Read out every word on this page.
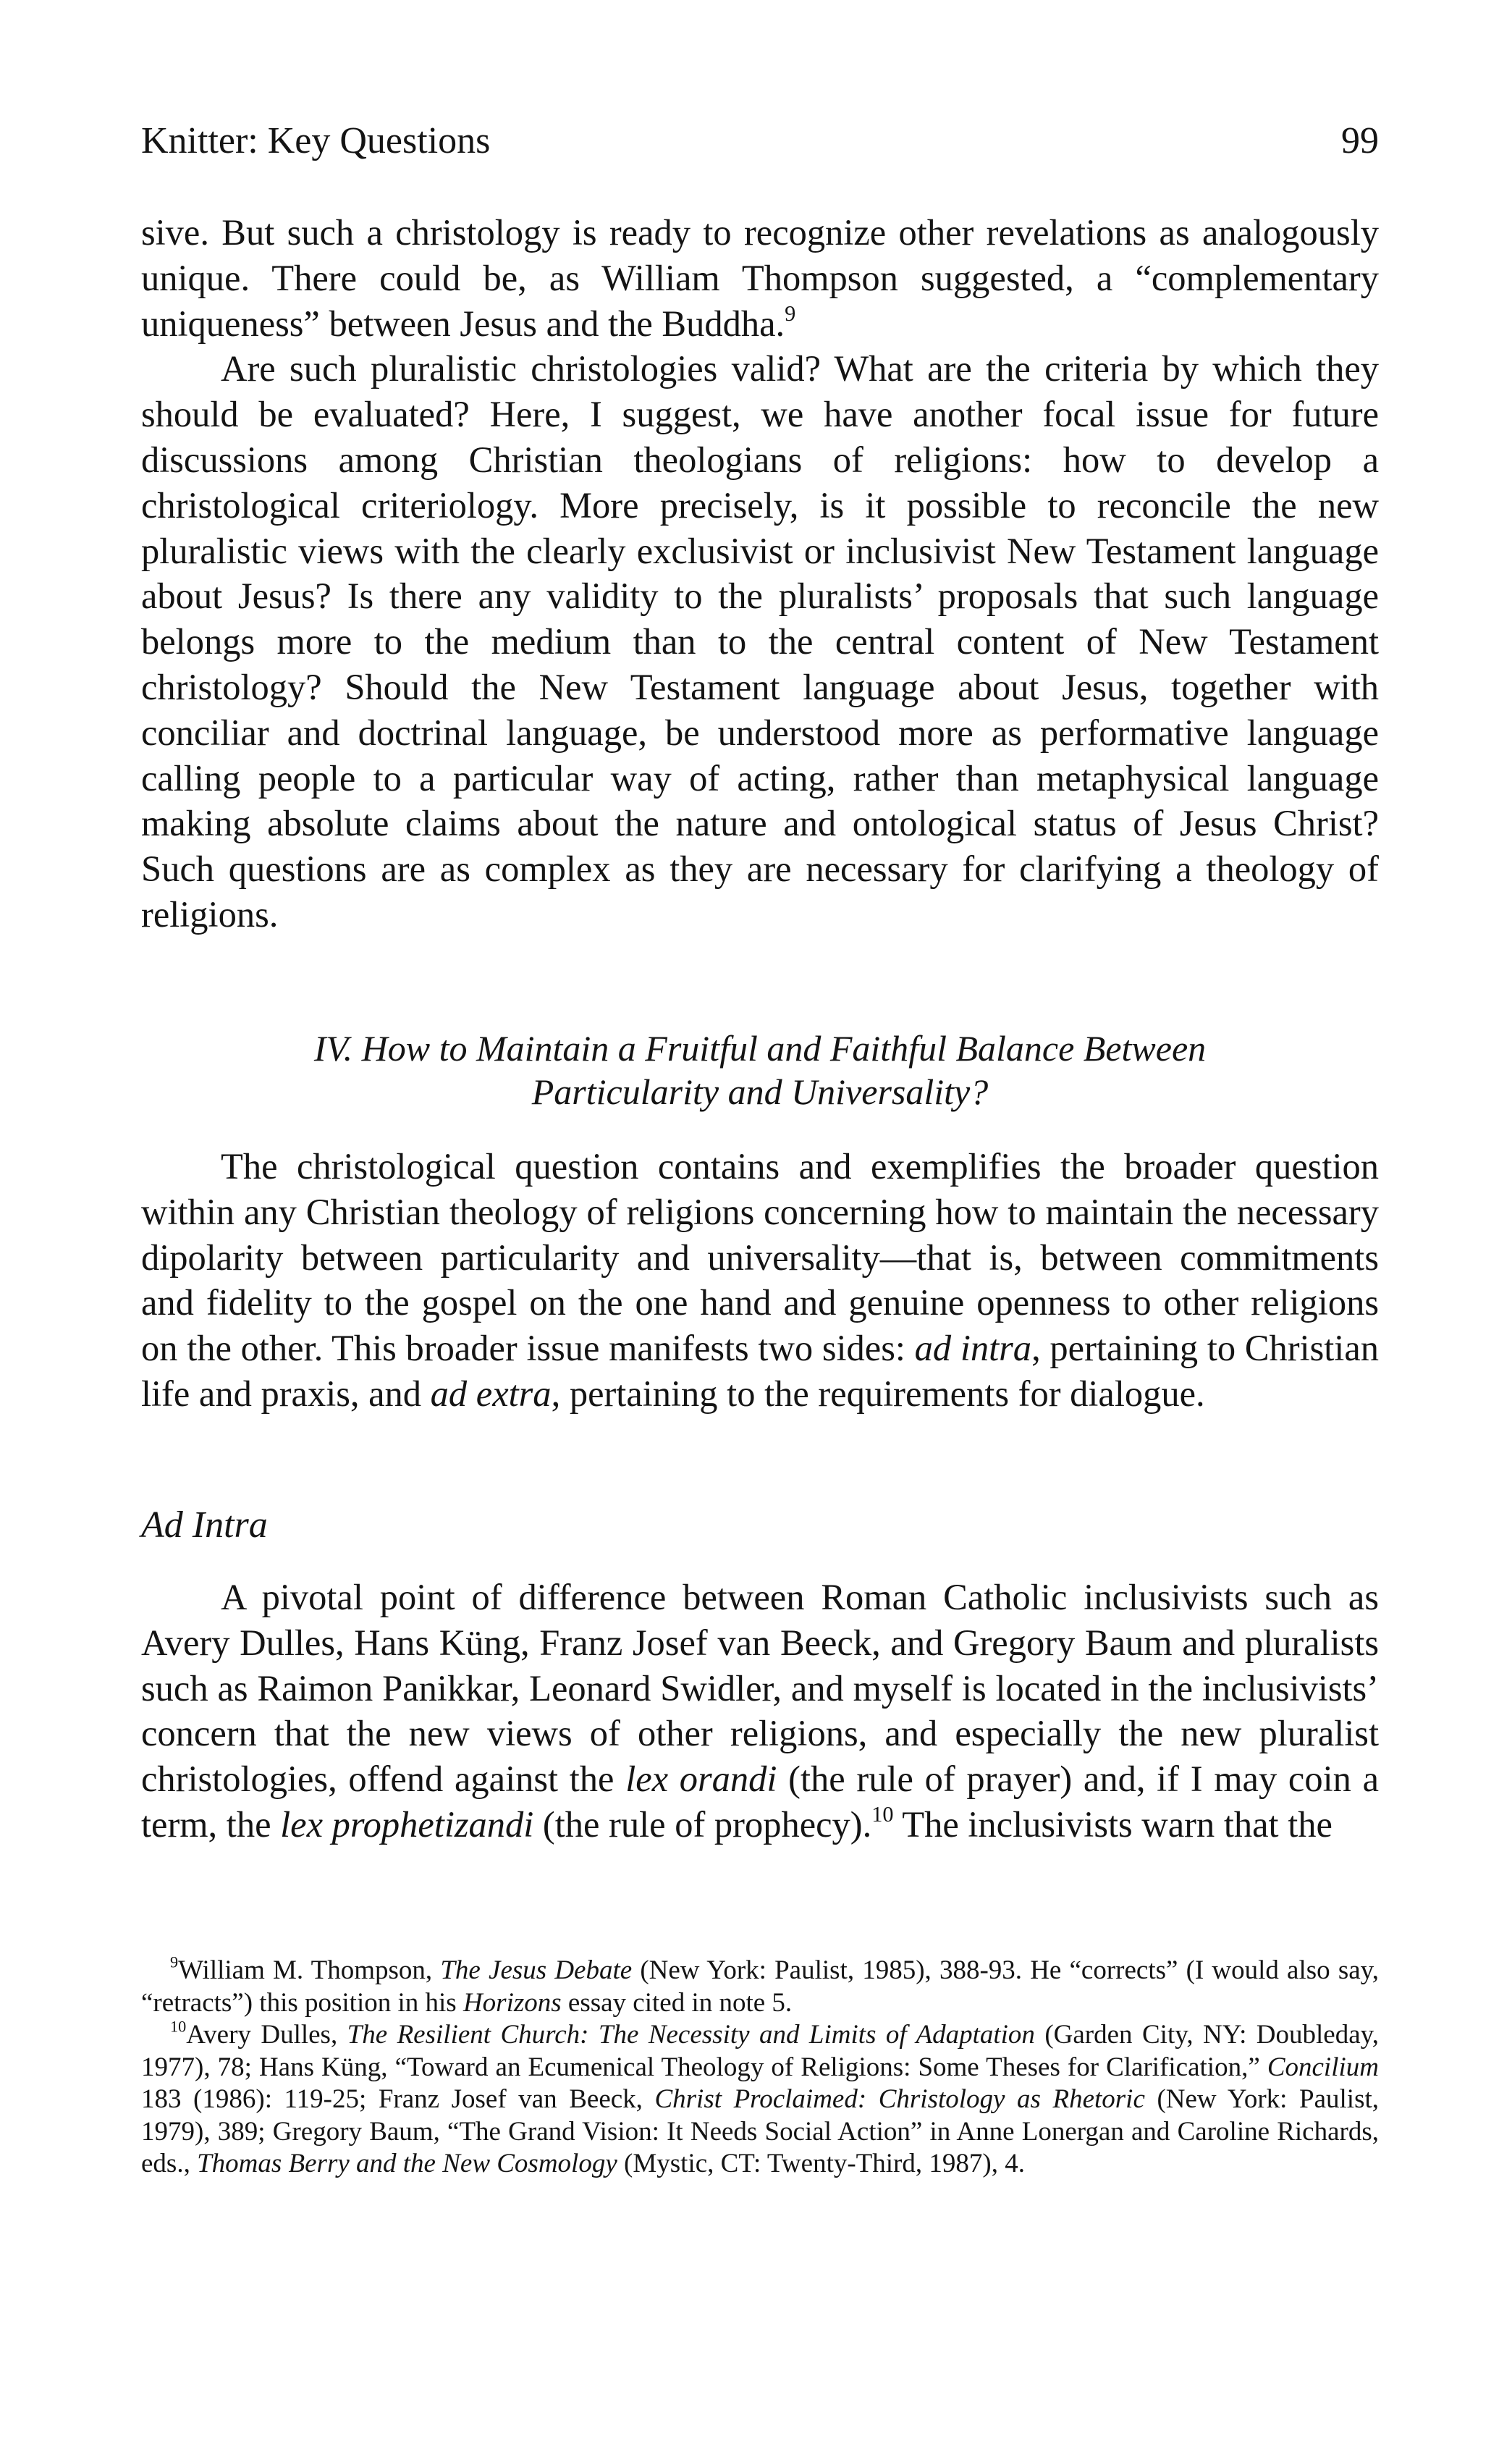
Knitter: Key Questions	99

sive. But such a christology is ready to recognize other revelations as analogously unique. There could be, as William Thompson suggested, a “complementary uniqueness” between Jesus and the Buddha.$^9$

Are such pluralistic christologies valid? What are the criteria by which they should be evaluated? Here, I suggest, we have another focal issue for future discussions among Christian theologians of religions: how to develop a christological criteriology. More precisely, is it possible to reconcile the new pluralistic views with the clearly exclusivist or inclusivist New Testament language about Jesus? Is there any validity to the pluralists’ proposals that such language belongs more to the medium than to the central content of New Testament christology? Should the New Testament language about Jesus, together with conciliar and doctrinal language, be understood more as performative language calling people to a particular way of acting, rather than metaphysical language making absolute claims about the nature and ontological status of Jesus Christ? Such questions are as complex as they are necessary for clarifying a theology of religions.

IV. How to Maintain a Fruitful and Faithful Balance Between
Particularity and Universality?

The christological question contains and exemplifies the broader question within any Christian theology of religions concerning how to maintain the necessary dipolarity between particularity and universality—that is, between commitments and fidelity to the gospel on the one hand and genuine openness to other religions on the other. This broader issue manifests two sides: ad intra, pertaining to Christian life and praxis, and ad extra, pertaining to the requirements for dialogue.

Ad Intra

A pivotal point of difference between Roman Catholic inclusivists such as Avery Dulles, Hans Küng, Franz Josef van Beeck, and Gregory Baum and pluralists such as Raimon Panikkar, Leonard Swidler, and myself is located in the inclusivists’ concern that the new views of other religions, and especially the new pluralist christologies, offend against the lex orandi (the rule of prayer) and, if I may coin a term, the lex prophetizandi (the rule of prophecy).$^{10}$ The inclusivists warn that the

$^9$William M. Thompson, The Jesus Debate (New York: Paulist, 1985), 388-93. He “corrects” (I would also say, “retracts”) this position in his Horizons essay cited in note 5.

$^{10}$Avery Dulles, The Resilient Church: The Necessity and Limits of Adaptation (Garden City, NY: Doubleday, 1977), 78; Hans Küng, “Toward an Ecumenical Theology of Religions: Some Theses for Clarification,” Concilium 183 (1986): 119-25; Franz Josef van Beeck, Christ Proclaimed: Christology as Rhetoric (New York: Paulist, 1979), 389; Gregory Baum, “The Grand Vision: It Needs Social Action” in Anne Lonergan and Caroline Richards, eds., Thomas Berry and the New Cosmology (Mystic, CT: Twenty-Third, 1987), 4.
